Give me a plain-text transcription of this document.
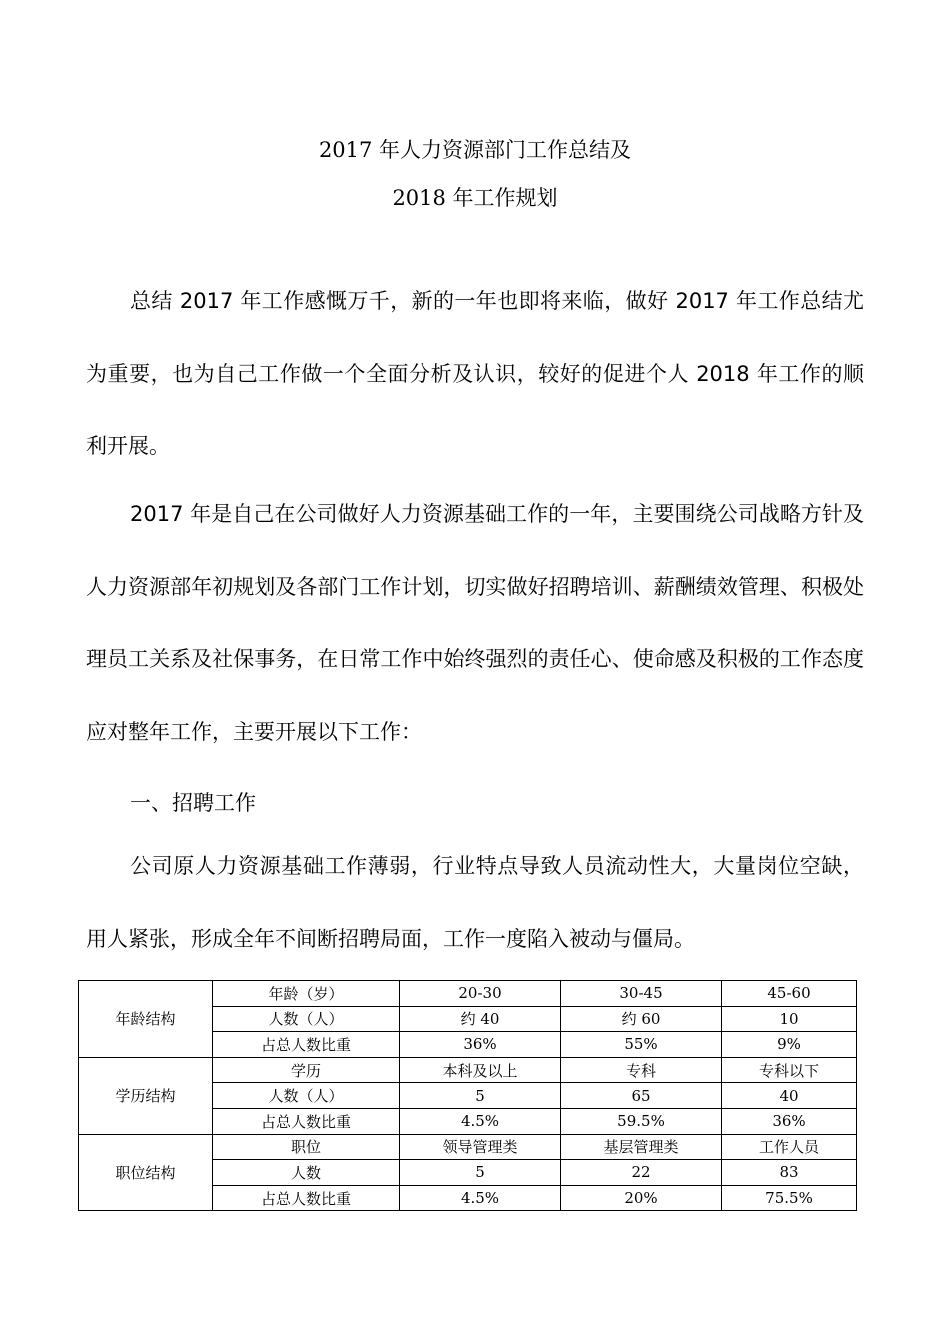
2017 年人力资源部门工作总结及
2018 年工作规划

总结 2017 年工作感慨万千，新的一年也即将来临，做好 2017 年工作总结尤为重要，也为自己工作做一个全面分析及认识，较好的促进个人 2018 年工作的顺利开展。

2017 年是自己在公司做好人力资源基础工作的一年，主要围绕公司战略方针及人力资源部年初规划及各部门工作计划，切实做好招聘培训、薪酬绩效管理、积极处理员工关系及社保事务，在日常工作中始终强烈的责任心、使命感及积极的工作态度应对整年工作，主要开展以下工作：

一、招聘工作

公司原人力资源基础工作薄弱，行业特点导致人员流动性大，大量岗位空缺，用人紧张，形成全年不间断招聘局面，工作一度陷入被动与僵局。

年龄结构	年龄（岁）	20-30	30-45	45-60
	人数（人）	约 40	约 60	10
	占总人数比重	36%	55%	9%
学历结构	学历	本科及以上	专科	专科以下
	人数（人）	5	65	40
	占总人数比重	4.5%	59.5%	36%
职位结构	职位	领导管理类	基层管理类	工作人员
	人数	5	22	83
	占总人数比重	4.5%	20%	75.5%
